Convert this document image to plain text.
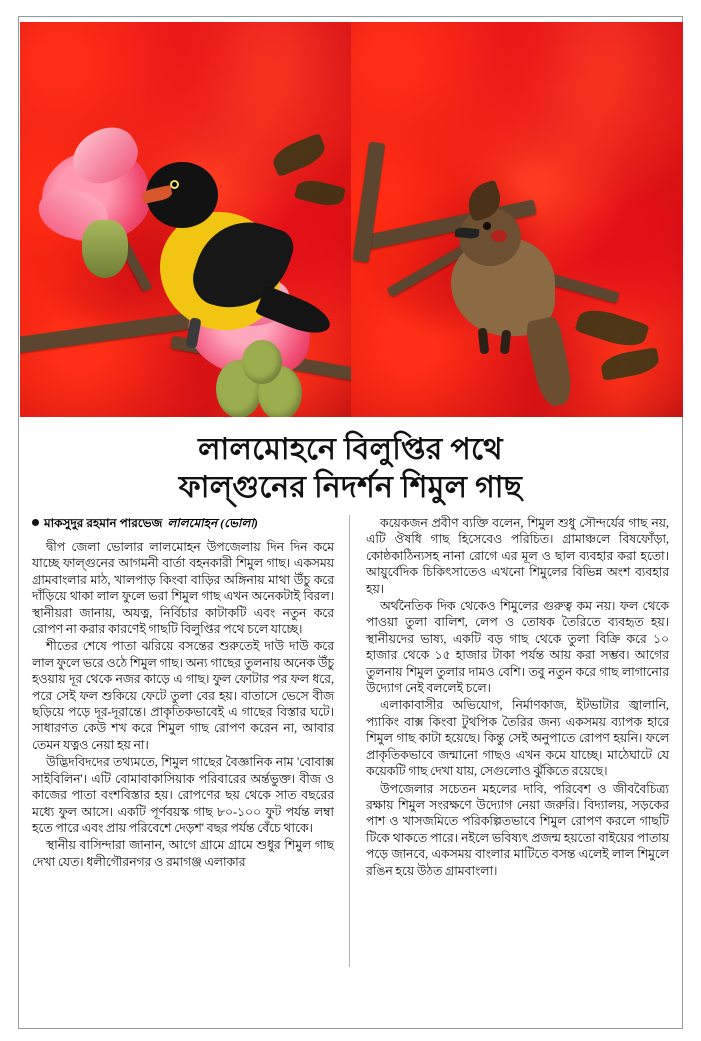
লালমোহনে বিলুপ্তির পথে
ফাল্গুনের নিদর্শন শিমুল গাছ
মাকসুদুর রহমান পারভেজ লালমোহন (ভোলা)

দ্বীপ জেলা ভোলার লালমোহন উপজেলায় দিন দিন কমে যাচ্ছে ফাল্গুনের আগমনী বার্তা বহনকারী শিমুল গাছ। একসময় গ্রামবাংলার মাঠ, খালপাড় কিংবা বাড়ির অঙ্গিনায় মাথা উঁচু করে দাঁড়িয়ে থাকা লাল ফুলে ভরা শিমুল গাছ এখন অনেকটাই বিরল। স্থানীয়রা জানায়, অযত্ন, নির্বিচার কাটাকটি এবং নতুন করে রোপণ না করার কারণেই গাছটি বিলুপ্তির পথে চলে যাচ্ছে।

শীতের শেষে পাতা ঝরিয়ে বসন্তের শুরুতেই দাউ দাউ করে লাল ফুলে ভরে ওঠে শিমুল গাছ। অন্য গাছের তুলনায় অনেক উঁচু হওয়ায় দূর থেকে নজর কাড়ে এ গাছ। ফুল ফোটার পর ফল ধরে, পরে সেই ফল শুকিয়ে ফেটে তুলা বের হয়। বাতাসে ভেসে বীজ ছড়িয়ে পড়ে দূর-দূরান্তে। প্রাকৃতিকভাবেই এ গাছের বিস্তার ঘটে। সাধারণত কেউ শখ করে শিমুল গাছ রোপণ করেন না, আবার তেমন যত্নও নেয়া হয় না।

উদ্ভিদবিদদের তথ্যমতে, শিমুল গাছের বৈজ্ঞানিক নাম 'বোবাক্স সাইবিলিন'। এটি বোমাবাকাসিয়াক পরিবারের অর্ন্তভুক্ত। বীজ ও কাজের পাতা বংশবিস্তার হয়। রোপণের ছয় থেকে সাত বছরের মধ্যে ফুল আসে। একটি পূর্ণবয়স্ক গাছ ৮০-১০০ ফুট পর্যন্ত লম্বা হতে পারে এবং প্রায় পরিবেশে দেড়শ' বছর পর্যন্ত বেঁচে থাকে।

স্থানীয় বাসিন্দারা জানান, আগে গ্রামে গ্রামে শুধুর শিমুল গাছ দেখা যেত। ধলীগৌরনগর ও রমাগঞ্জ এলাকার

কয়েকজন প্রবীণ ব্যক্তি বলেন, শিমুল শুধু সৌন্দর্যের গাছ নয়, এটি ঔষধি গাছ হিসেবেও পরিচিত। গ্রামাঞ্চলে বিষফোঁড়া, কোষ্ঠকাঠিন্যসহ নানা রোগে এর মূল ও ছাল ব্যবহার করা হতো। আয়ুর্বেদিক চিকিৎসাতেও এখনো শিমুলের বিভিন্ন অংশ ব্যবহার হয়।

অর্থনৈতিক দিক থেকেও শিমুলের গুরুত্ব কম নয়। ফল থেকে পাওয়া তুলা বালিশ, লেপ ও তোষক তৈরিতে ব্যবহৃত হয়। স্থানীয়দের ভাষ্য, একটি বড় গাছ থেকে তুলা বিক্রি করে ১০ হাজার থেকে ১৫ হাজার টাকা পর্যন্ত আয় করা সম্ভব। আগের তুলনায় শিমুল তুলার দামও বেশি। তবু নতুন করে গাছ লাগানোর উদ্যোগ নেই বললেই চলে।

এলাকাবাসীর অভিযোগ, নির্মাণকাজ, ইটভাটার জ্বালানি, প্যাকিং বাক্স কিংবা টুথপিক তৈরির জন্য একসময় ব্যাপক হারে শিমুল গাছ কাটা হয়েছে। কিন্তু সেই অনুপাতে রোপণ হয়নি। ফলে প্রাকৃতিকভাবে জন্মানো গাছও এখন কমে যাচ্ছে। মাঠেঘাটে যে কয়েকটি গাছ দেখা যায়, সেগুলোও ঝুঁকিতে রয়েছে।

উপজেলার সচেতন মহলের দাবি, পরিবেশ ও জীববৈচিত্র্য রক্ষায় শিমুল সংরক্ষণে উদ্যোগ নেয়া জরুরি। বিদ্যালয়, সড়কের পাশ ও খাসজমিতে পরিকল্পিতভাবে শিমুল রোপণ করলে গাছটি টিকে থাকতে পারে। নইলে ভবিষ্যৎ প্রজন্ম হয়তো বাইয়ের পাতায় পড়ে জানবে, একসময় বাংলার মাটিতে বসন্ত এলেই লাল শিমুলে রঙিন হয়ে উঠত গ্রামবাংলা।
